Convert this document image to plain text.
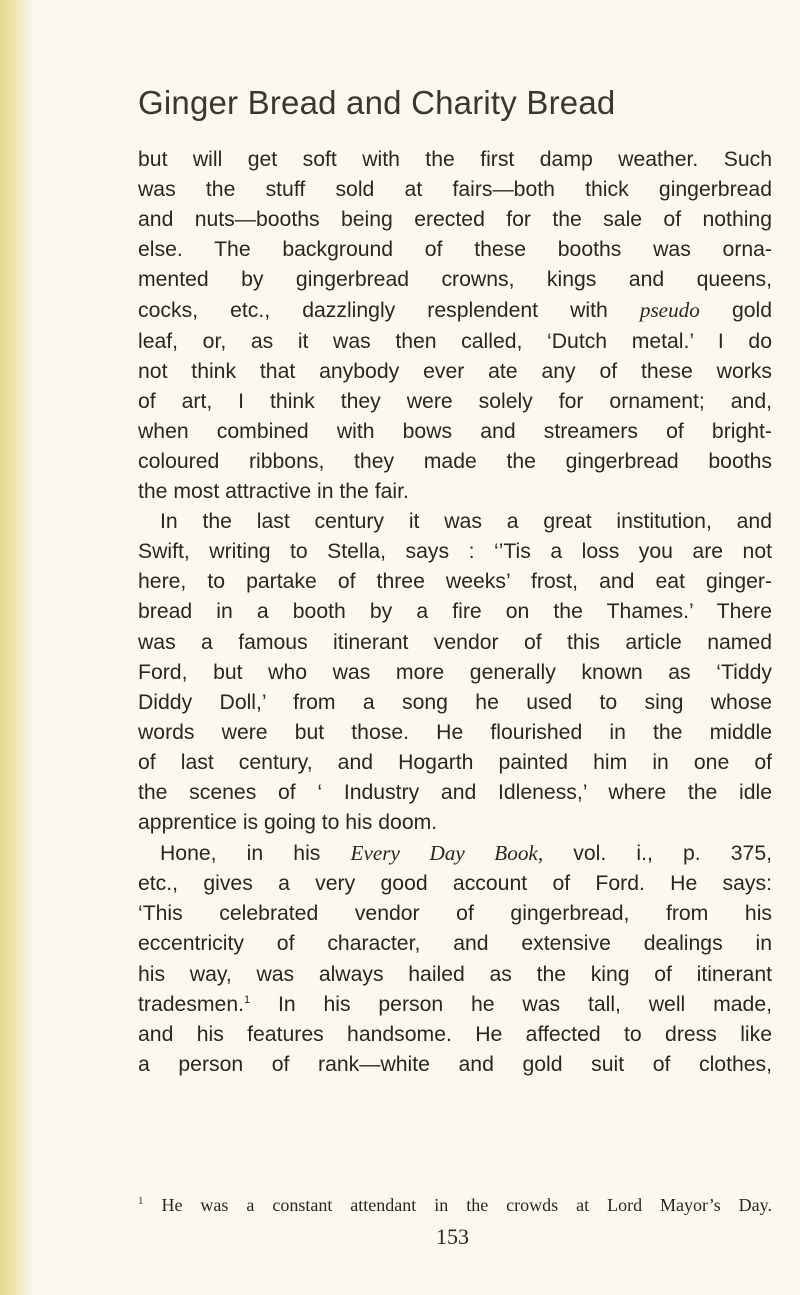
Ginger Bread and Charity Bread
but will get soft with the first damp weather. Such
was the stuff sold at fairs—both thick gingerbread
and nuts—booths being erected for the sale of nothing
else. The background of these booths was orna-
mented by gingerbread crowns, kings and queens,
cocks, etc., dazzlingly resplendent with pseudo gold
leaf, or, as it was then called, ‘Dutch metal.’ I do
not think that anybody ever ate any of these works
of art, I think they were solely for ornament; and,
when combined with bows and streamers of bright-
coloured ribbons, they made the gingerbread booths
the most attractive in the fair.
In the last century it was a great institution, and
Swift, writing to Stella, says : ‘’Tis a loss you are not
here, to partake of three weeks’ frost, and eat ginger-
bread in a booth by a fire on the Thames.’ There
was a famous itinerant vendor of this article named
Ford, but who was more generally known as ‘Tiddy
Diddy Doll,’ from a song he used to sing whose
words were but those. He flourished in the middle
of last century, and Hogarth painted him in one of
the scenes of ‘ Industry and Idleness,’ where the idle
apprentice is going to his doom.
Hone, in his Every Day Book, vol. i., p. 375,
etc., gives a very good account of Ford. He says:
‘This celebrated vendor of gingerbread, from his
eccentricity of character, and extensive dealings in
his way, was always hailed as the king of itinerant
tradesmen.$^1$ In his person he was tall, well made,
and his features handsome. He affected to dress like
a person of rank—white and gold suit of clothes,
$^1$ He was a constant attendant in the crowds at Lord Mayor’s Day.
153
